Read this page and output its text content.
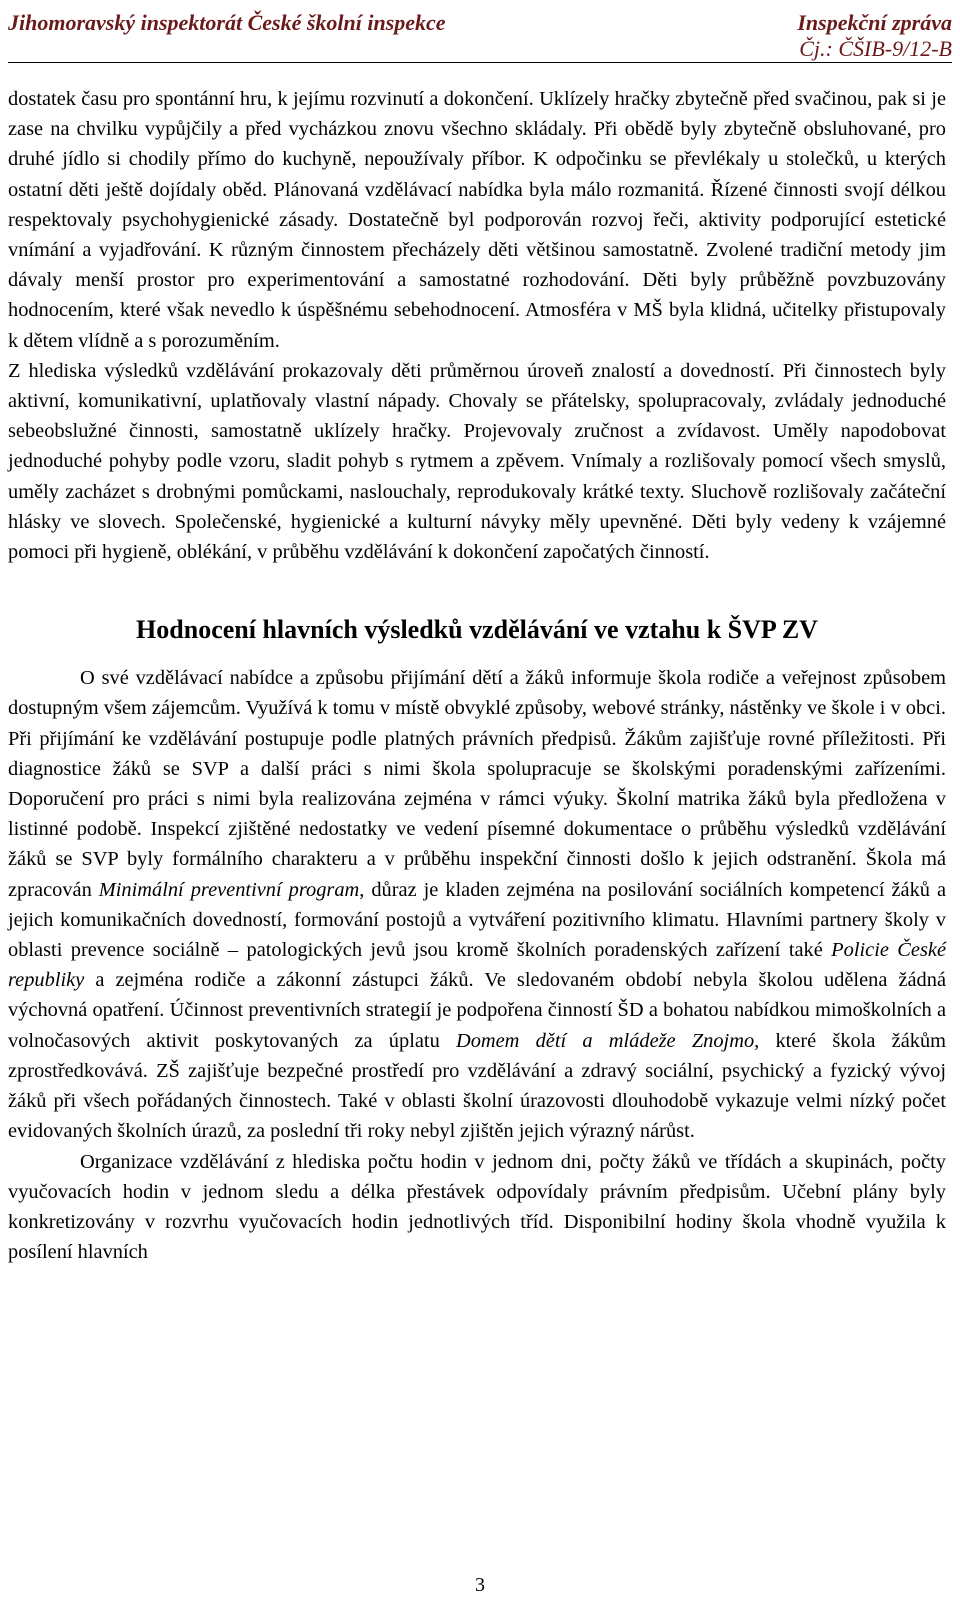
Jihomoravský inspektorát České školní inspekce	Inspekční zpráva
Čj.: ČŠIB-9/12-B

dostatek času pro spontánní hru, k jejímu rozvinutí a dokončení. Uklízely hračky zbytečně před svačinou, pak si je zase na chvilku vypůjčily a před vycházkou znovu všechno skládaly. Při obědě byly zbytečně obsluhované, pro druhé jídlo si chodily přímo do kuchyně, nepoužívaly příbor. K odpočinku se převlékaly u stolečků, u kterých ostatní děti ještě dojídaly oběd. Plánovaná vzdělávací nabídka byla málo rozmanitá. Řízené činnosti svojí délkou respektovaly psychohygienické zásady. Dostatečně byl podporován rozvoj řeči, aktivity podporující estetické vnímání a vyjadřování. K různým činnostem přecházely děti většinou samostatně. Zvolené tradiční metody jim dávaly menší prostor pro experimentování a samostatné rozhodování. Děti byly průběžně povzbuzovány hodnocením, které však nevedlo k úspěšnému sebehodnocení. Atmosféra v MŠ byla klidná, učitelky přistupovaly k dětem vlídně a s porozuměním.

Z hlediska výsledků vzdělávání prokazovaly děti průměrnou úroveň znalostí a dovedností. Při činnostech byly aktivní, komunikativní, uplatňovaly vlastní nápady. Chovaly se přátelsky, spolupracovaly, zvládaly jednoduché sebeobslužné činnosti, samostatně uklízely hračky. Projevovaly zručnost a zvídavost. Uměly napodobovat jednoduché pohyby podle vzoru, sladit pohyb s rytmem a zpěvem. Vnímaly a rozlišovaly pomocí všech smyslů, uměly zacházet s drobnými pomůckami, naslouchaly, reprodukovaly krátké texty. Sluchově rozlišovaly začáteční hlásky ve slovech. Společenské, hygienické a kulturní návyky měly upevněné. Děti byly vedeny k vzájemné pomoci při hygieně, oblékání, v průběhu vzdělávání k dokončení započatých činností.

Hodnocení hlavních výsledků vzdělávání ve vztahu k ŠVP ZV

O své vzdělávací nabídce a způsobu přijímání dětí a žáků informuje škola rodiče a veřejnost způsobem dostupným všem zájemcům. Využívá k tomu v místě obvyklé způsoby, webové stránky, nástěnky ve škole i v obci. Při přijímání ke vzdělávání postupuje podle platných právních předpisů. Žákům zajišťuje rovné příležitosti. Při diagnostice žáků se SVP a další práci s nimi škola spolupracuje se školskými poradenskými zařízeními. Doporučení pro práci s nimi byla realizována zejména v rámci výuky. Školní matrika žáků byla předložena v listinné podobě. Inspekcí zjištěné nedostatky ve vedení písemné dokumentace o průběhu výsledků vzdělávání žáků se SVP byly formálního charakteru a v průběhu inspekční činnosti došlo k jejich odstranění. Škola má zpracován Minimální preventivní program, důraz je kladen zejména na posilování sociálních kompetencí žáků a jejich komunikačních dovedností, formování postojů a vytváření pozitivního klimatu. Hlavními partnery školy v oblasti prevence sociálně – patologických jevů jsou kromě školních poradenských zařízení také Policie České republiky a zejména rodiče a zákonní zástupci žáků. Ve sledovaném období nebyla školou udělena žádná výchovná opatření. Účinnost preventivních strategií je podpořena činností ŠD a bohatou nabídkou mimoškolních a volnočasových aktivit poskytovaných za úplatu Domem dětí a mládeže Znojmo, které škola žákům zprostředkovává. ZŠ zajišťuje bezpečné prostředí pro vzdělávání a zdravý sociální, psychický a fyzický vývoj žáků při všech pořádaných činnostech. Také v oblasti školní úrazovosti dlouhodobě vykazuje velmi nízký počet evidovaných školních úrazů, za poslední tři roky nebyl zjištěn jejich výrazný nárůst.

Organizace vzdělávání z hlediska počtu hodin v jednom dni, počty žáků ve třídách a skupinách, počty vyučovacích hodin v jednom sledu a délka přestávek odpovídaly právním předpisům. Učební plány byly konkretizovány v rozvrhu vyučovacích hodin jednotlivých tříd. Disponibilní hodiny škola vhodně využila k posílení hlavních

3
